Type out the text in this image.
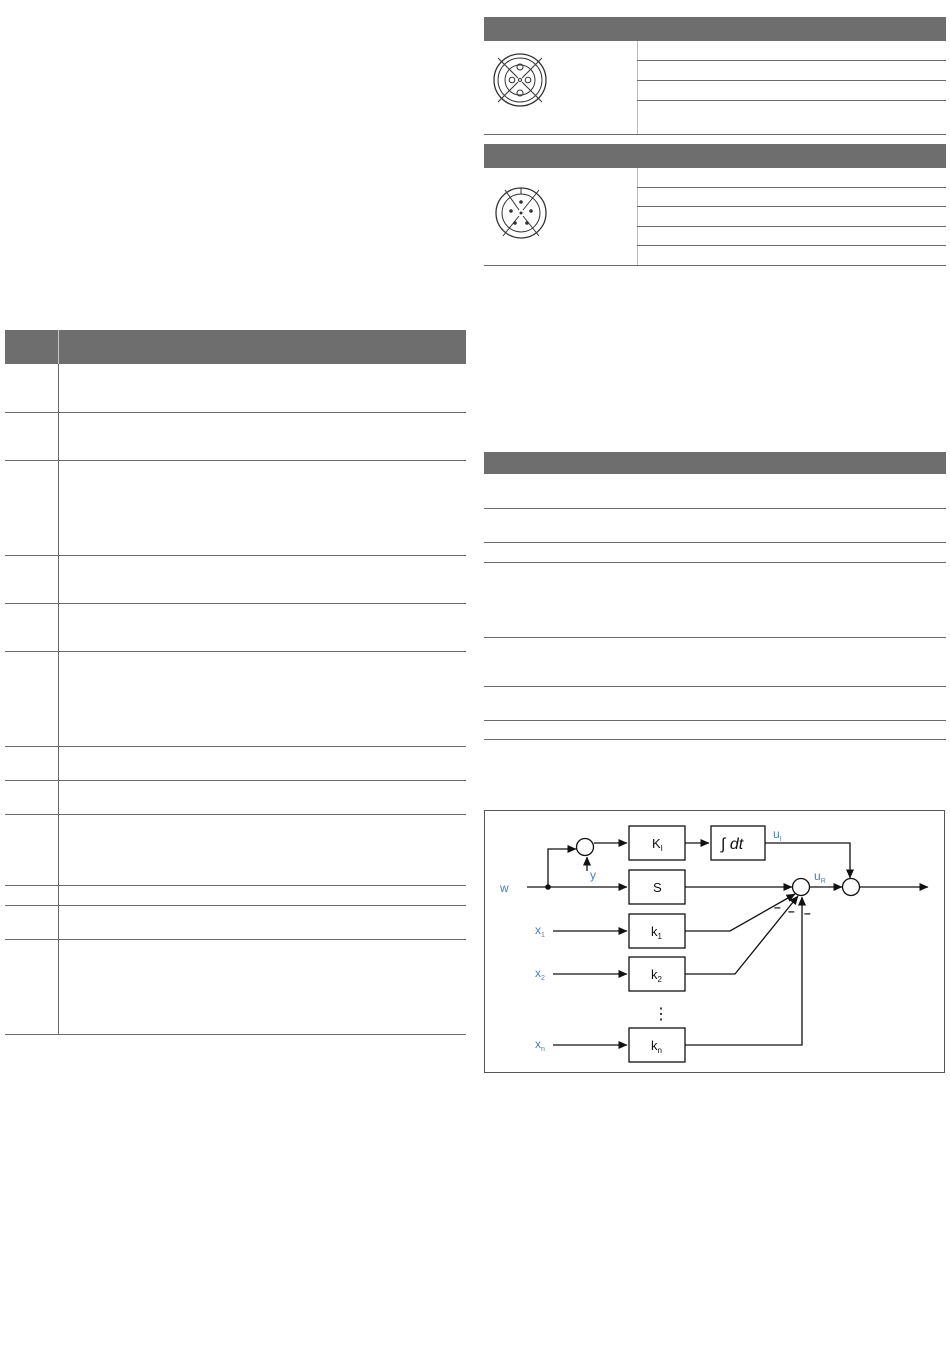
$K_I$	∫ dt
S
$k_1$
$k_2$
$k_n$
⋮
– – –
w
y
$u_I$
$u_R$
$x_1$
$x_2$
$x_n$
